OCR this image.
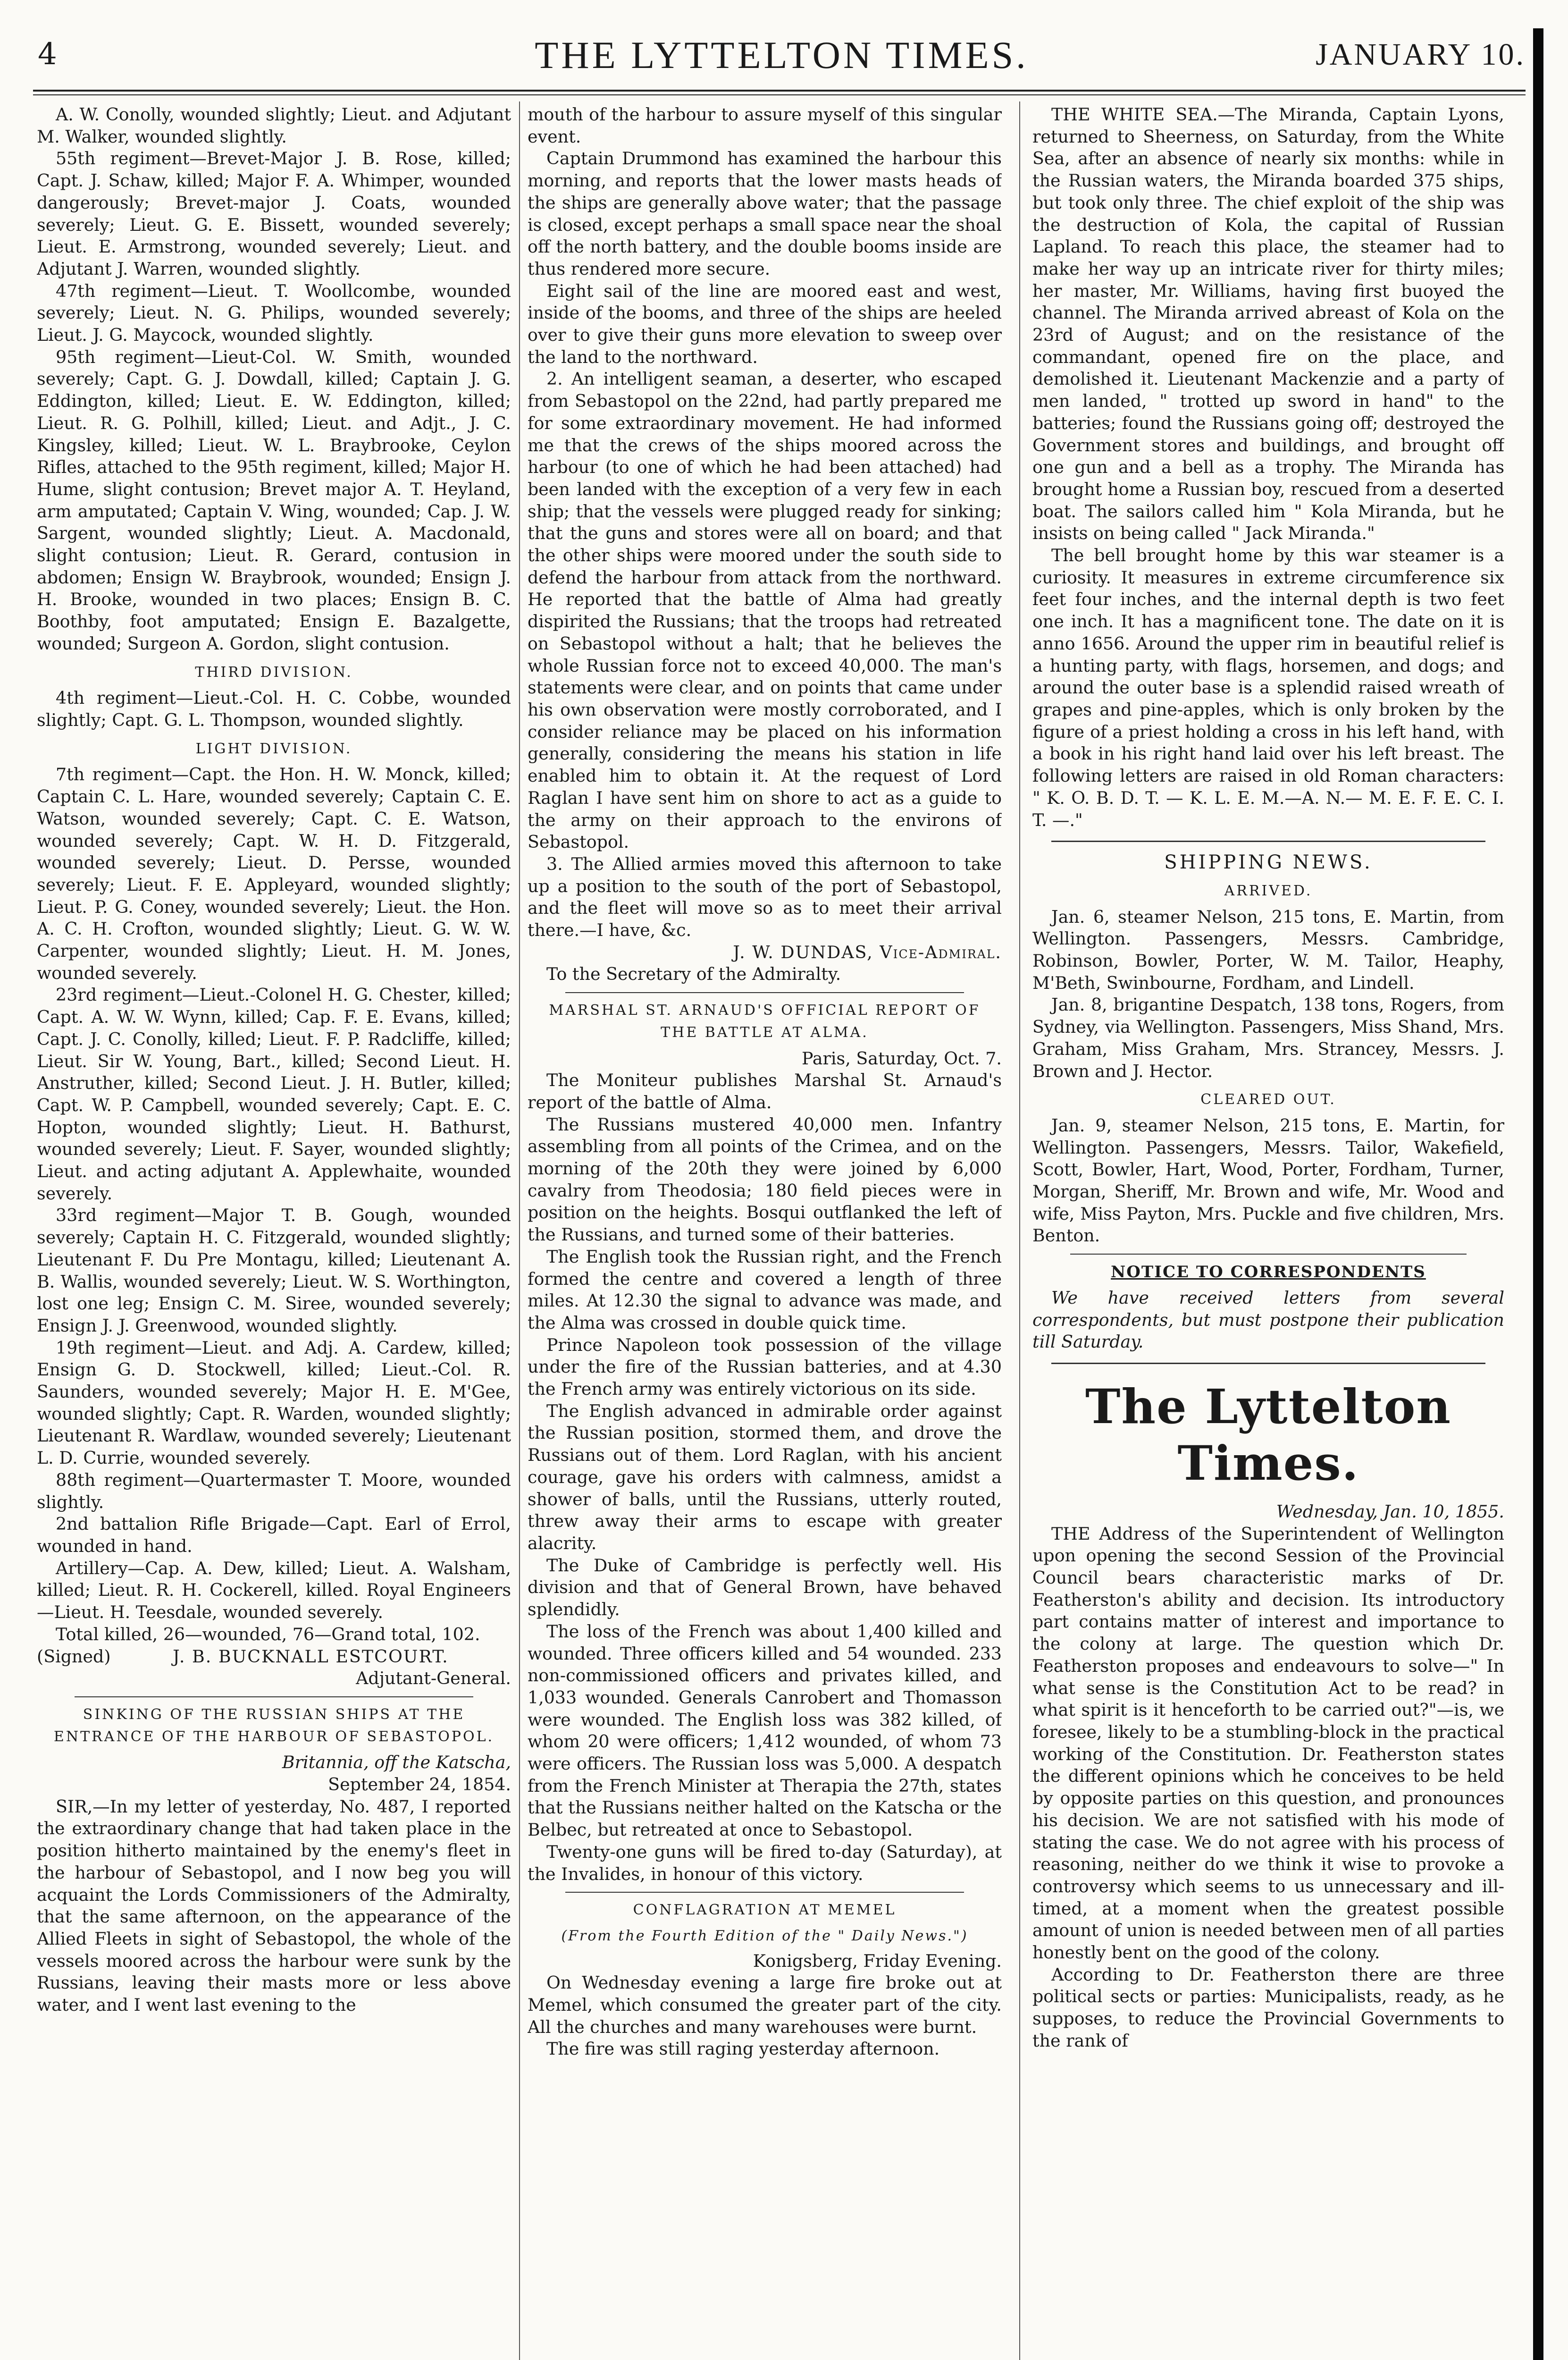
4	THE LYTTELTON TIMES.	JANUARY 10.

A. W. Conolly, wounded slightly; Lieut. and Adjutant M. Walker, wounded slightly.

55th regiment—Brevet-Major J. B. Rose, killed; Capt. J. Schaw, killed; Major F. A. Whimper, wounded dangerously; Brevet-major J. Coats, wounded severely; Lieut. G. E. Bissett, wounded severely; Lieut. E. Armstrong, wounded severely; Lieut. and Adjutant J. Warren, wounded slightly.

47th regiment—Lieut. T. Woollcombe, wounded severely; Lieut. N. G. Philips, wounded severely; Lieut. J. G. Maycock, wounded slightly.

95th regiment—Lieut-Col. W. Smith, wounded severely; Capt. G. J. Dowdall, killed; Captain J. G. Eddington, killed; Lieut. E. W. Eddington, killed; Lieut. R. G. Polhill, killed; Lieut. and Adjt., J. C. Kingsley, killed; Lieut. W. L. Braybrooke, Ceylon Rifles, attached to the 95th regiment, killed; Major H. Hume, slight contusion; Brevet major A. T. Heyland, arm amputated; Captain V. Wing, wounded; Cap. J. W. Sargent, wounded slightly; Lieut. A. Macdonald, slight contusion; Lieut. R. Gerard, contusion in abdomen; Ensign W. Braybrook, wounded; Ensign J. H. Brooke, wounded in two places; Ensign B. C. Boothby, foot amputated; Ensign E. Bazalgette, wounded; Surgeon A. Gordon, slight contusion.

THIRD DIVISION.

4th regiment—Lieut.-Col. H. C. Cobbe, wounded slightly; Capt. G. L. Thompson, wounded slightly.

LIGHT DIVISION.

7th regiment—Capt. the Hon. H. W. Monck, killed; Captain C. L. Hare, wounded severely; Captain C. E. Watson, wounded severely; Capt. C. E. Watson, wounded severely; Capt. W. H. D. Fitzgerald, wounded severely; Lieut. D. Persse, wounded severely; Lieut. F. E. Appleyard, wounded slightly; Lieut. P. G. Coney, wounded severely; Lieut. the Hon. A. C. H. Crofton, wounded slightly; Lieut. G. W. W. Carpenter, wounded slightly; Lieut. H. M. Jones, wounded severely.

23rd regiment—Lieut.-Colonel H. G. Chester, killed; Capt. A. W. W. Wynn, killed; Cap. F. E. Evans, killed; Capt. J. C. Conolly, killed; Lieut. F. P. Radcliffe, killed; Lieut. Sir W. Young, Bart., killed; Second Lieut. H. Anstruther, killed; Second Lieut. J. H. Butler, killed; Capt. W. P. Campbell, wounded severely; Capt. E. C. Hopton, wounded slightly; Lieut. H. Bathurst, wounded severely; Lieut. F. Sayer, wounded slightly; Lieut. and acting adjutant A. Applewhaite, wounded severely.

33rd regiment—Major T. B. Gough, wounded severely; Captain H. C. Fitzgerald, wounded slightly; Lieutenant F. Du Pre Montagu, killed; Lieutenant A. B. Wallis, wounded severely; Lieut. W. S. Worthington, lost one leg; Ensign C. M. Siree, wounded severely; Ensign J. J. Greenwood, wounded slightly.

19th regiment—Lieut. and Adj. A. Cardew, killed; Ensign G. D. Stockwell, killed; Lieut.-Col. R. Saunders, wounded severely; Major H. E. M'Gee, wounded slightly; Capt. R. Warden, wounded slightly; Lieutenant R. Wardlaw, wounded severely; Lieutenant L. D. Currie, wounded severely.

88th regiment—Quartermaster T. Moore, wounded slightly.

2nd battalion Rifle Brigade—Capt. Earl of Errol, wounded in hand.

Artillery—Cap. A. Dew, killed; Lieut. A. Walsham, killed; Lieut. R. H. Cockerell, killed. Royal Engineers—Lieut. H. Teesdale, wounded severely.

Total killed, 26—wounded, 76—Grand total, 102.

(Signed)	J. B. BUCKNALL ESTCOURT.

Adjutant-General.

SINKING OF THE RUSSIAN SHIPS AT THE ENTRANCE OF THE HARBOUR OF SEBASTOPOL.

Britannia, off the Katscha,

September 24, 1854.

SIR,—In my letter of yesterday, No. 487, I reported the extraordinary change that had taken place in the position hitherto maintained by the enemy's fleet in the harbour of Sebastopol, and I now beg you will acquaint the Lords Commissioners of the Admiralty, that the same afternoon, on the appearance of the Allied Fleets in sight of Sebastopol, the whole of the vessels moored across the harbour were sunk by the Russians, leaving their masts more or less above water, and I went last evening to the

mouth of the harbour to assure myself of this singular event.

Captain Drummond has examined the harbour this morning, and reports that the lower masts heads of the ships are generally above water; that the passage is closed, except perhaps a small space near the shoal off the north battery, and the double booms inside are thus rendered more secure.

Eight sail of the line are moored east and west, inside of the booms, and three of the ships are heeled over to give their guns more elevation to sweep over the land to the northward.

2. An intelligent seaman, a deserter, who escaped from Sebastopol on the 22nd, had partly prepared me for some extraordinary movement. He had informed me that the crews of the ships moored across the harbour (to one of which he had been attached) had been landed with the exception of a very few in each ship; that the vessels were plugged ready for sinking; that the guns and stores were all on board; and that the other ships were moored under the south side to defend the harbour from attack from the northward. He reported that the battle of Alma had greatly dispirited the Russians; that the troops had retreated on Sebastopol without a halt; that he believes the whole Russian force not to exceed 40,000. The man's statements were clear, and on points that came under his own observation were mostly corroborated, and I consider reliance may be placed on his information generally, considering the means his station in life enabled him to obtain it. At the request of Lord Raglan I have sent him on shore to act as a guide to the army on their approach to the environs of Sebastopol.

3. The Allied armies moved this afternoon to take up a position to the south of the port of Sebastopol, and the fleet will move so as to meet their arrival there.—I have, &c.

J. W. DUNDAS, Vice-Admiral.

To the Secretary of the Admiralty.

MARSHAL ST. ARNAUD'S OFFICIAL REPORT OF THE BATTLE AT ALMA.

Paris, Saturday, Oct. 7.

The Moniteur publishes Marshal St. Arnaud's report of the battle of Alma.

The Russians mustered 40,000 men. Infantry assembling from all points of the Crimea, and on the morning of the 20th they were joined by 6,000 cavalry from Theodosia; 180 field pieces were in position on the heights. Bosqui outflanked the left of the Russians, and turned some of their batteries.

The English took the Russian right, and the French formed the centre and covered a length of three miles. At 12.30 the signal to advance was made, and the Alma was crossed in double quick time.

Prince Napoleon took possession of the village under the fire of the Russian batteries, and at 4.30 the French army was entirely victorious on its side.

The English advanced in admirable order against the Russian position, stormed them, and drove the Russians out of them. Lord Raglan, with his ancient courage, gave his orders with calmness, amidst a shower of balls, until the Russians, utterly routed, threw away their arms to escape with greater alacrity.

The Duke of Cambridge is perfectly well. His division and that of General Brown, have behaved splendidly.

The loss of the French was about 1,400 killed and wounded. Three officers killed and 54 wounded. 233 non-commissioned officers and privates killed, and 1,033 wounded. Generals Canrobert and Thomasson were wounded. The English loss was 382 killed, of whom 20 were officers; 1,412 wounded, of whom 73 were officers. The Russian loss was 5,000. A despatch from the French Minister at Therapia the 27th, states that the Russians neither halted on the Katscha or the Belbec, but retreated at once to Sebastopol.

Twenty-one guns will be fired to-day (Saturday), at the Invalides, in honour of this victory.

CONFLAGRATION AT MEMEL
(From the Fourth Edition of the " Daily News.")

Konigsberg, Friday Evening.

On Wednesday evening a large fire broke out at Memel, which consumed the greater part of the city. All the churches and many warehouses were burnt.

The fire was still raging yesterday afternoon.

THE WHITE SEA.—The Miranda, Captain Lyons, returned to Sheerness, on Saturday, from the White Sea, after an absence of nearly six months: while in the Russian waters, the Miranda boarded 375 ships, but took only three. The chief exploit of the ship was the destruction of Kola, the capital of Russian Lapland. To reach this place, the steamer had to make her way up an intricate river for thirty miles; her master, Mr. Williams, having first buoyed the channel. The Miranda arrived abreast of Kola on the 23rd of August; and on the resistance of the commandant, opened fire on the place, and demolished it. Lieutenant Mackenzie and a party of men landed, " trotted up sword in hand" to the batteries; found the Russians going off; destroyed the Government stores and buildings, and brought off one gun and a bell as a trophy. The Miranda has brought home a Russian boy, rescued from a deserted boat. The sailors called him " Kola Miranda, but he insists on being called " Jack Miranda."

The bell brought home by this war steamer is a curiosity. It measures in extreme circumference six feet four inches, and the internal depth is two feet one inch. It has a magnificent tone. The date on it is anno 1656. Around the upper rim in beautiful relief is a hunting party, with flags, horsemen, and dogs; and around the outer base is a splendid raised wreath of grapes and pine-apples, which is only broken by the figure of a priest holding a cross in his left hand, with a book in his right hand laid over his left breast. The following letters are raised in old Roman characters: " K. O. B. D. T. — K. L. E. M.—A. N.— M. E. F. E. C. I. T. —."

SHIPPING NEWS.
ARRIVED.

Jan. 6, steamer Nelson, 215 tons, E. Martin, from Wellington. Passengers, Messrs. Cambridge, Robinson, Bowler, Porter, W. M. Tailor, Heaphy, M'Beth, Swinbourne, Fordham, and Lindell.

Jan. 8, brigantine Despatch, 138 tons, Rogers, from Sydney, via Wellington. Passengers, Miss Shand, Mrs. Graham, Miss Graham, Mrs. Strancey, Messrs. J. Brown and J. Hector.

CLEARED OUT.

Jan. 9, steamer Nelson, 215 tons, E. Martin, for Wellington. Passengers, Messrs. Tailor, Wakefield, Scott, Bowler, Hart, Wood, Porter, Fordham, Turner, Morgan, Sheriff, Mr. Brown and wife, Mr. Wood and wife, Miss Payton, Mrs. Puckle and five children, Mrs. Benton.

NOTICE TO CORRESPONDENTS

We have received letters from several correspondents, but must postpone their publication till Saturday.

The Lyttelton Times.

Wednesday, Jan. 10, 1855.

THE Address of the Superintendent of Wellington upon opening the second Session of the Provincial Council bears characteristic marks of Dr. Featherston's ability and decision. Its introductory part contains matter of interest and importance to the colony at large. The question which Dr. Featherston proposes and endeavours to solve—" In what sense is the Constitution Act to be read? in what spirit is it henceforth to be carried out?"—is, we foresee, likely to be a stumbling-block in the practical working of the Constitution. Dr. Featherston states the different opinions which he conceives to be held by opposite parties on this question, and pronounces his decision. We are not satisfied with his mode of stating the case. We do not agree with his process of reasoning, neither do we think it wise to provoke a controversy which seems to us unnecessary and ill-timed, at a moment when the greatest possible amount of union is needed between men of all parties honestly bent on the good of the colony.

According to Dr. Featherston there are three political sects or parties: Municipalists, ready, as he supposes, to reduce the Provincial Governments to the rank of
